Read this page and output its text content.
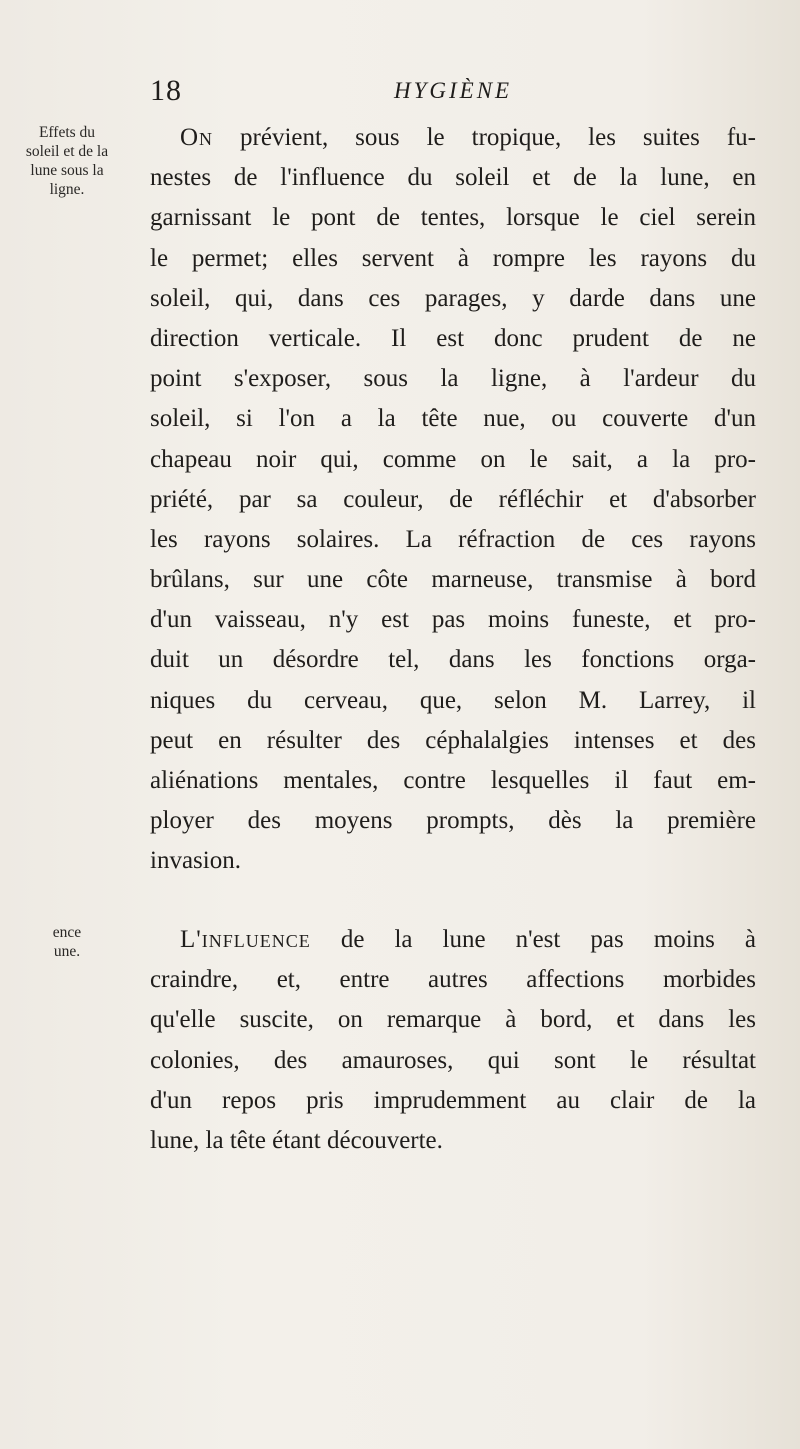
18	HYGIÈNE
Effets du
soleil et de la
lune sous la
ligne.
ence
une.
On prévient, sous le tropique, les suites fu-
nestes de l'influence du soleil et de la lune, en
garnissant le pont de tentes, lorsque le ciel serein
le permet; elles servent à rompre les rayons du
soleil, qui, dans ces parages, y darde dans une
direction verticale. Il est donc prudent de ne
point s'exposer, sous la ligne, à l'ardeur du
soleil, si l'on a la tête nue, ou couverte d'un
chapeau noir qui, comme on le sait, a la pro-
priété, par sa couleur, de réfléchir et d'absorber
les rayons solaires. La réfraction de ces rayons
brûlans, sur une côte marneuse, transmise à bord
d'un vaisseau, n'y est pas moins funeste, et pro-
duit un désordre tel, dans les fonctions orga-
niques du cerveau, que, selon M. Larrey, il
peut en résulter des céphalalgies intenses et des
aliénations mentales, contre lesquelles il faut em-
ployer des moyens prompts, dès la première
invasion.
L'influence de la lune n'est pas moins à
craindre, et, entre autres affections morbides
qu'elle suscite, on remarque à bord, et dans les
colonies, des amauroses, qui sont le résultat
d'un repos pris imprudemment au clair de la
lune, la tête étant découverte.
